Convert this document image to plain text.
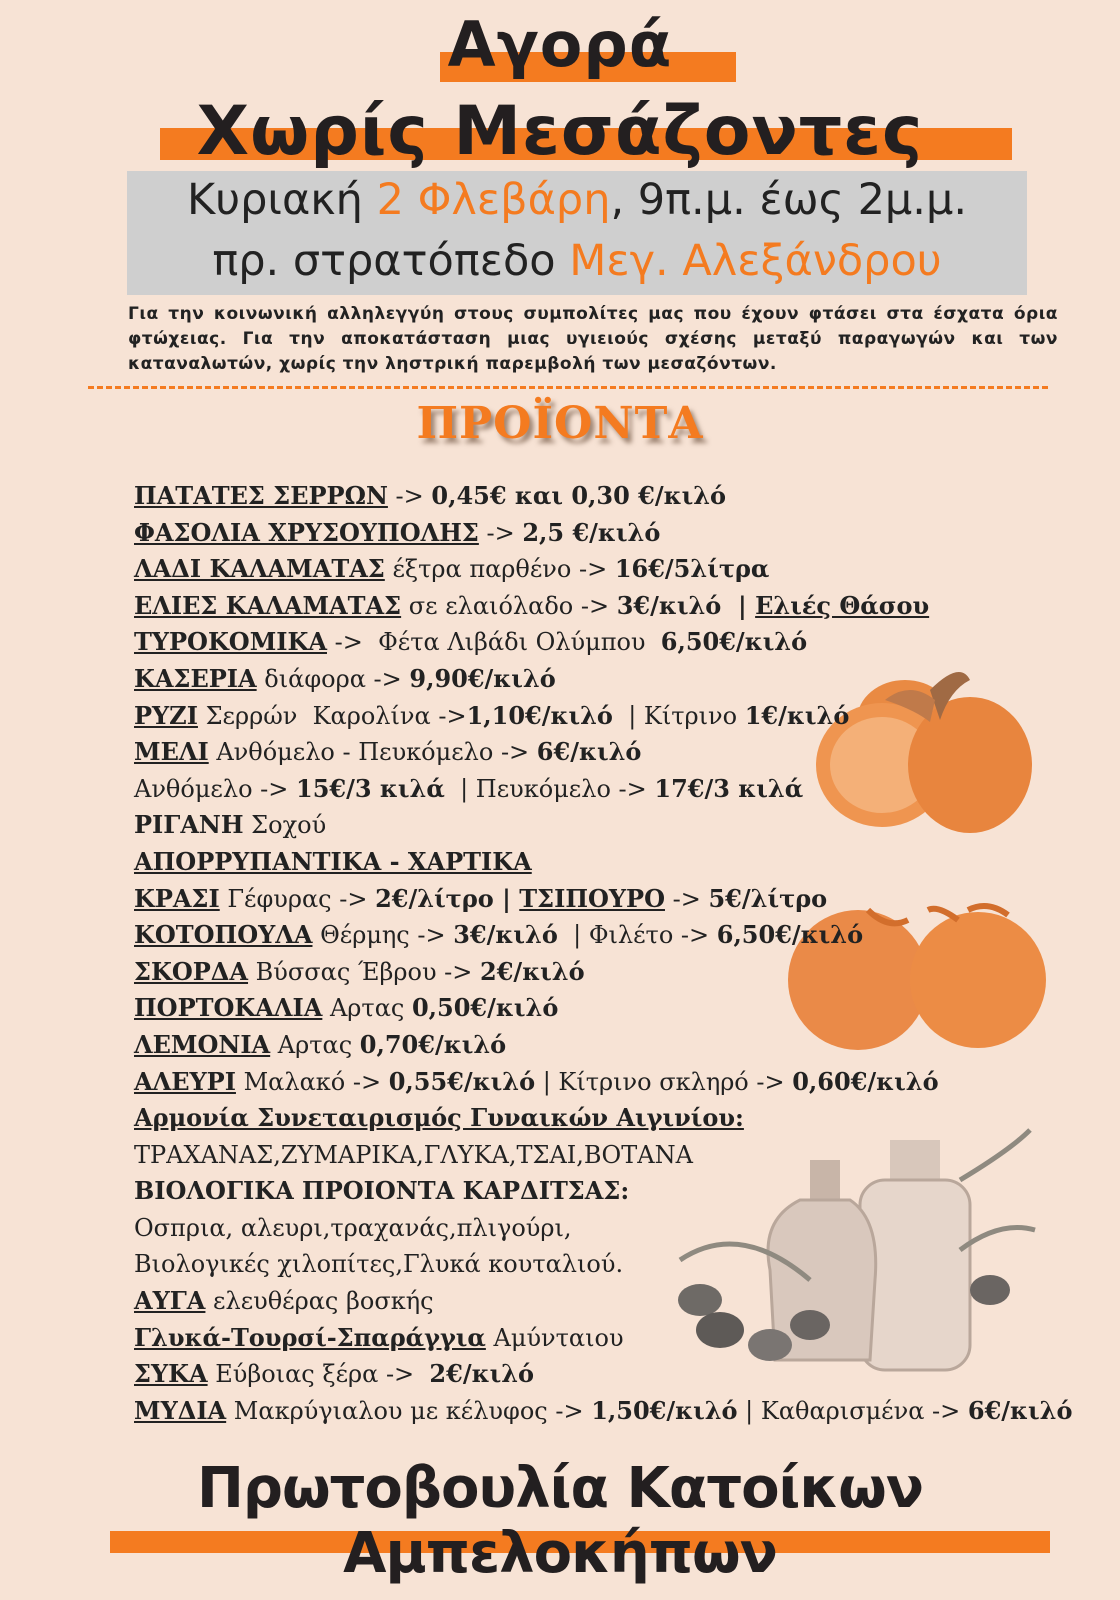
Αγορά
Χωρίς Μεσάζοντες
Κυριακή 2 Φλεβάρη, 9π.μ. έως 2μ.μ.
πρ. στρατόπεδο Μεγ. Αλεξάνδρου
Για την κοινωνική αλληλεγγύη στους συμπολίτες μας που έχουν φτάσει στα έσχατα όρια φτώχειας. Για την αποκατάσταση μιας υγιειούς σχέσης μεταξύ παραγωγών και των καταναλωτών, χωρίς την ληστρική παρεμβολή των μεσαζόντων.
ΠΡΟΪΟΝΤΑ
ΠΑΤΑΤΕΣ ΣΕΡΡΩΝ -> 0,45€ και 0,30 €/κιλό
ΦΑΣΟΛΙΑ ΧΡΥΣΟΥΠΟΛΗΣ -> 2,5 €/κιλό
ΛΑΔΙ ΚΑΛΑΜΑΤΑΣ έξτρα παρθένο -> 16€/5λίτρα
ΕΛΙΕΣ ΚΑΛΑΜΑΤΑΣ σε ελαιόλαδο -> 3€/κιλό  | Ελιές Θάσου
ΤΥΡΟΚΟΜΙΚΑ ->  Φέτα Λιβάδι Ολύμπου  6,50€/κιλό
ΚΑΣΕΡΙΑ διάφορα -> 9,90€/κιλό
ΡΥΖΙ Σερρών  Καρολίνα ->1,10€/κιλό  | Κίτρινο 1€/κιλό
ΜΕΛΙ Ανθόμελο - Πευκόμελο -> 6€/κιλό
Ανθόμελο -> 15€/3 κιλά  | Πευκόμελο -> 17€/3 κιλά
ΡΙΓΑΝΗ Σοχού
ΑΠΟΡΡΥΠΑΝΤΙΚΑ - ΧΑΡΤΙΚΑ
ΚΡΑΣΙ Γέφυρας -> 2€/λίτρο | ΤΣΙΠΟΥΡΟ -> 5€/λίτρο
ΚΟΤΟΠΟΥΛΑ Θέρμης -> 3€/κιλό  | Φιλέτο -> 6,50€/κιλό
ΣΚΟΡΔΑ Βύσσας Έβρου -> 2€/κιλό
ΠΟΡΤΟΚΑΛΙΑ Αρτας 0,50€/κιλό
ΛΕΜΟΝΙΑ Αρτας 0,70€/κιλό
ΑΛΕΥΡΙ Μαλακό -> 0,55€/κιλό | Κίτρινο σκληρό -> 0,60€/κιλό
Αρμονία Συνεταιρισμός Γυναικών Αιγινίου:
ΤΡΑΧΑΝΑΣ,ΖΥΜΑΡΙΚΑ,ΓΛΥΚΑ,ΤΣΑΙ,ΒΟΤΑΝΑ
ΒΙΟΛΟΓΙΚΑ ΠΡΟΙΟΝΤΑ ΚΑΡΔΙΤΣΑΣ:
Οσπρια, αλευρι,τραχανάς,πλιγούρι,
Βιολογικές χιλοπίτες,Γλυκά κουταλιού.
ΑΥΓΑ ελευθέρας βοσκής
Γλυκά-Τουρσί-Σπαράγγια Αμύνταιου
ΣΥΚΑ Εύβοιας ξέρα ->  2€/κιλό
ΜΥΔΙΑ Μακρύγιαλου με κέλυφος -> 1,50€/κιλό | Καθαρισμένα -> 6€/κιλό
Πρωτοβουλία Κατοίκων Αμπελοκήπων
